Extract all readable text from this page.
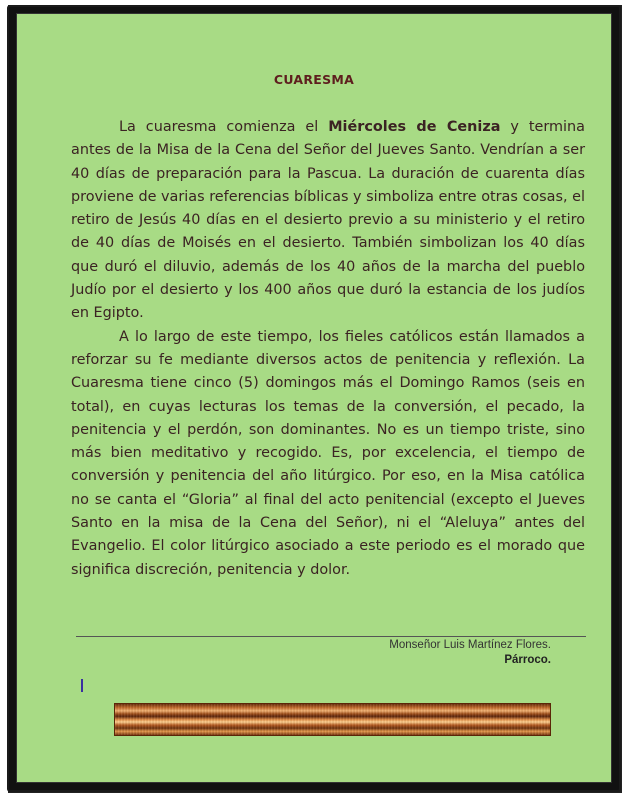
CUARESMA

La cuaresma comienza el Miércoles de Ceniza y termina antes de la Misa de la Cena del Señor del Jueves Santo. Vendrían a ser 40 días de preparación para la Pascua. La duración de cuarenta días proviene de varias referencias bíblicas y simboliza entre otras cosas, el retiro de Jesús 40 días en el desierto previo a su ministerio y el retiro de 40 días de Moisés en el desierto. También simbolizan los 40 días que duró el diluvio, además de los 40 años de la marcha del pueblo Judío por el desierto y los 400 años que duró la estancia de los judíos en Egipto.

A lo largo de este tiempo, los fieles católicos están llamados a reforzar su fe mediante diversos actos de penitencia y reflexión. La Cuaresma tiene cinco (5) domingos más el Domingo Ramos (seis en total), en cuyas lecturas los temas de la conversión, el pecado, la penitencia y el perdón, son dominantes. No es un tiempo triste, sino más bien meditativo y recogido. Es, por excelencia, el tiempo de conversión y penitencia del año litúrgico. Por eso, en la Misa católica no se canta el “Gloria” al final del acto penitencial (excepto el Jueves Santo en la misa de la Cena del Señor), ni el “Aleluya” antes del Evangelio. El color litúrgico asociado a este periodo es el morado que significa discreción, penitencia y dolor.

Monseñor Luis Martínez Flores.
Párroco.
